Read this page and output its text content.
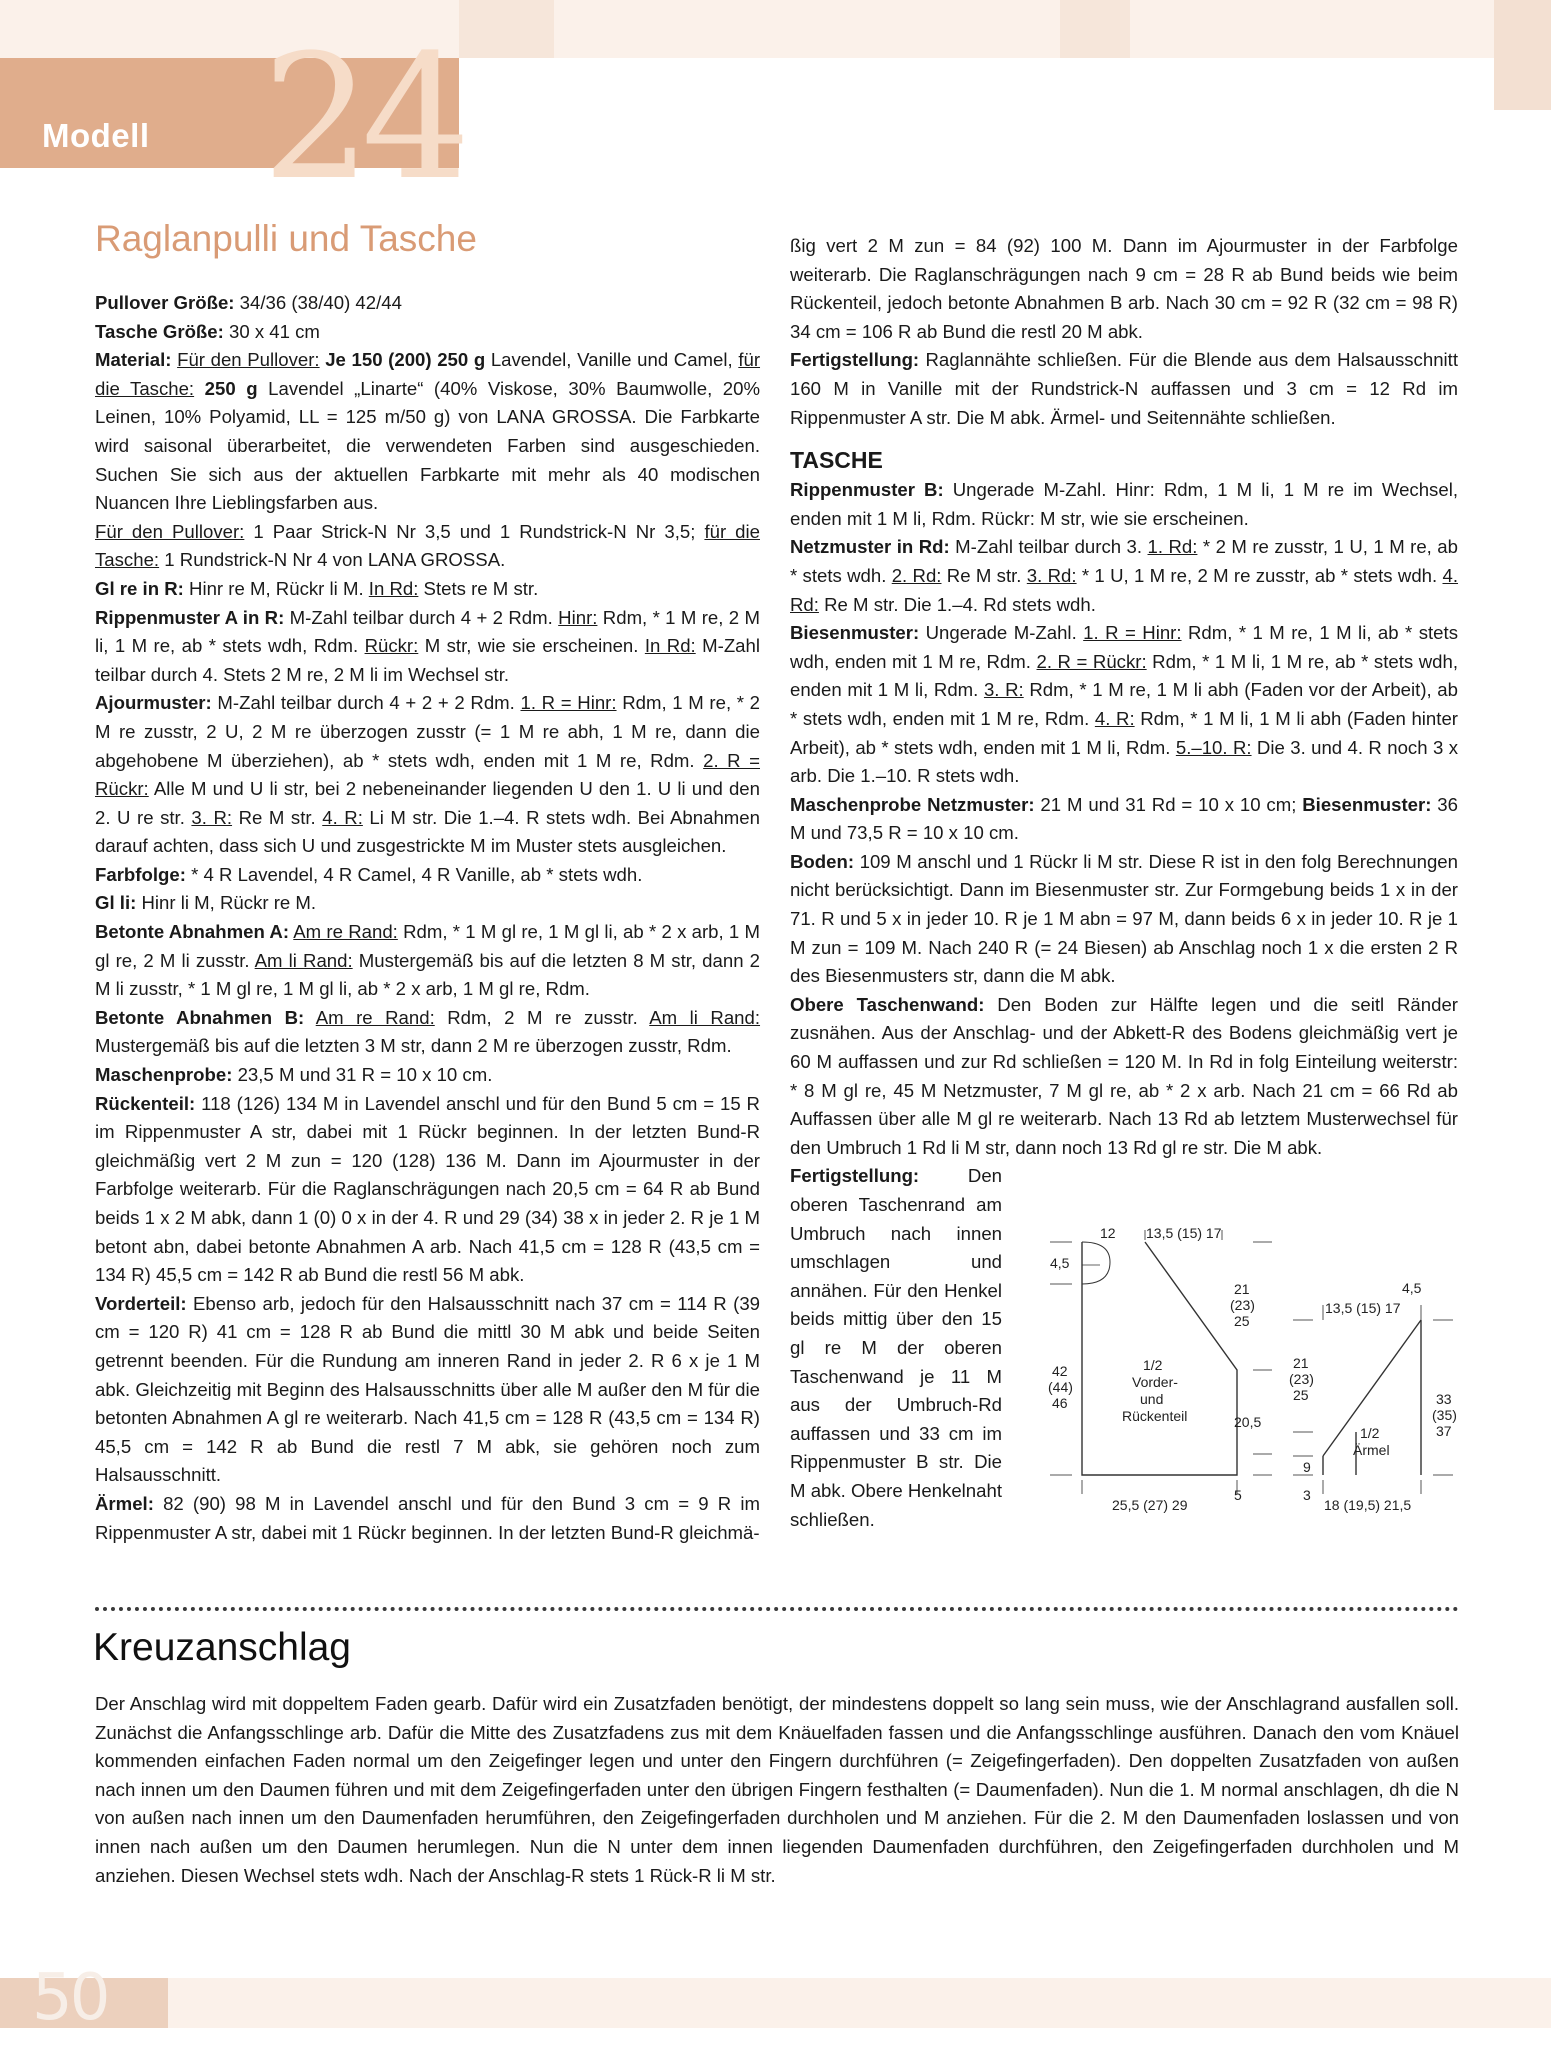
24
Modell
Raglanpulli und Tasche

Pullover Größe: 34/36 (38/40) 42/44

Tasche Größe: 30 x 41 cm

Material: Für den Pullover: Je 150 (200) 250 g Lavendel, Vanille und Camel, für die Tasche: 250 g Lavendel „Linarte“ (40% Viskose, 30% Baumwolle, 20% Leinen, 10% Polyamid, LL = 125 m/50 g) von LANA GROSSA. Die Farbkarte wird saisonal überarbeitet, die verwendeten Farben sind ausgeschieden. Suchen Sie sich aus der aktuellen Farbkarte mit mehr als 40 modischen Nuancen Ihre Lieblingsfarben aus.

Für den Pullover: 1 Paar Strick-N Nr 3,5 und 1 Rundstrick-N Nr 3,5; für die Tasche: 1 Rundstrick-N Nr 4 von LANA GROSSA.

Gl re in R: Hinr re M, Rückr li M. In Rd: Stets re M str.

Rippenmuster A in R: M-Zahl teilbar durch 4 + 2 Rdm. Hinr: Rdm, * 1 M re, 2 M li, 1 M re, ab * stets wdh, Rdm. Rückr: M str, wie sie erscheinen. In Rd: M-Zahl teilbar durch 4. Stets 2 M re, 2 M li im Wechsel str.

Ajourmuster: M-Zahl teilbar durch 4 + 2 + 2 Rdm. 1. R = Hinr: Rdm, 1 M re, * 2 M re zusstr, 2 U, 2 M re überzogen zusstr (= 1 M re abh, 1 M re, dann die abgehobene M überziehen), ab * stets wdh, enden mit 1 M re, Rdm. 2. R = Rückr: Alle M und U li str, bei 2 nebeneinander liegenden U den 1. U li und den 2. U re str. 3. R: Re M str. 4. R: Li M str. Die 1.–4. R stets wdh. Bei Abnahmen darauf achten, dass sich U und zusgestrickte M im Muster stets ausgleichen.

Farbfolge: * 4 R Lavendel, 4 R Camel, 4 R Vanille, ab * stets wdh.

Gl li: Hinr li M, Rückr re M.

Betonte Abnahmen A: Am re Rand: Rdm, * 1 M gl re, 1 M gl li, ab * 2 x arb, 1 M gl re, 2 M li zusstr. Am li Rand: Mustergemäß bis auf die letzten 8 M str, dann 2 M li zusstr, * 1 M gl re, 1 M gl li, ab * 2 x arb, 1 M gl re, Rdm.

Betonte Abnahmen B: Am re Rand: Rdm, 2 M re zusstr. Am li Rand: Mustergemäß bis auf die letzten 3 M str, dann 2 M re überzogen zusstr, Rdm.

Maschenprobe: 23,5 M und 31 R = 10 x 10 cm.

Rückenteil: 118 (126) 134 M in Lavendel anschl und für den Bund 5 cm = 15 R im Rippenmuster A str, dabei mit 1 Rückr beginnen. In der letzten Bund-R gleichmäßig vert 2 M zun = 120 (128) 136 M. Dann im Ajourmuster in der Farbfolge weiterarb. Für die Raglanschrägungen nach 20,5 cm = 64 R ab Bund beids 1 x 2 M abk, dann 1 (0) 0 x in der 4. R und 29 (34) 38 x in jeder 2. R je 1 M betont abn, dabei betonte Abnahmen A arb. Nach 41,5 cm = 128 R (43,5 cm = 134 R) 45,5 cm = 142 R ab Bund die restl 56 M abk.

Vorderteil: Ebenso arb, jedoch für den Halsausschnitt nach 37 cm = 114 R (39 cm = 120 R) 41 cm = 128 R ab Bund die mittl 30 M abk und beide Seiten getrennt beenden. Für die Rundung am inneren Rand in jeder 2. R 6 x je 1 M abk. Gleichzeitig mit Beginn des Halsausschnitts über alle M außer den M für die betonten Abnahmen A gl re weiterarb. Nach 41,5 cm = 128 R (43,5 cm = 134 R) 45,5 cm = 142 R ab Bund die restl 7 M abk, sie gehören noch zum Halsausschnitt.

Ärmel: 82 (90) 98 M in Lavendel anschl und für den Bund 3 cm = 9 R im Rippenmuster A str, dabei mit 1 Rückr beginnen. In der letzten Bund-R gleichmä-

ßig vert 2 M zun = 84 (92) 100 M. Dann im Ajourmuster in der Farbfolge weiterarb. Die Raglanschrägungen nach 9 cm = 28 R ab Bund beids wie beim Rückenteil, jedoch betonte Abnahmen B arb. Nach 30 cm = 92 R (32 cm = 98 R) 34 cm = 106 R ab Bund die restl 20 M abk.

Fertigstellung: Raglannähte schließen. Für die Blende aus dem Halsausschnitt 160 M in Vanille mit der Rundstrick-N auffassen und 3 cm = 12 Rd im Rippenmuster A str. Die M abk. Ärmel- und Seitennähte schließen.

TASCHE

Rippenmuster B: Ungerade M-Zahl. Hinr: Rdm, 1 M li, 1 M re im Wechsel, enden mit 1 M li, Rdm. Rückr: M str, wie sie erscheinen.

Netzmuster in Rd: M-Zahl teilbar durch 3. 1. Rd: * 2 M re zusstr, 1 U, 1 M re, ab * stets wdh. 2. Rd: Re M str. 3. Rd: * 1 U, 1 M re, 2 M re zusstr, ab * stets wdh. 4. Rd: Re M str. Die 1.–4. Rd stets wdh.

Biesenmuster: Ungerade M-Zahl. 1. R = Hinr: Rdm, * 1 M re, 1 M li, ab * stets wdh, enden mit 1 M re, Rdm. 2. R = Rückr: Rdm, * 1 M li, 1 M re, ab * stets wdh, enden mit 1 M li, Rdm. 3. R: Rdm, * 1 M re, 1 M li abh (Faden vor der Arbeit), ab * stets wdh, enden mit 1 M re, Rdm. 4. R: Rdm, * 1 M li, 1 M li abh (Faden hinter Arbeit), ab * stets wdh, enden mit 1 M li, Rdm. 5.–10. R: Die 3. und 4. R noch 3 x arb. Die 1.–10. R stets wdh.

Maschenprobe Netzmuster: 21 M und 31 Rd = 10 x 10 cm; Biesenmuster: 36 M und 73,5 R = 10 x 10 cm.

Boden: 109 M anschl und 1 Rückr li M str. Diese R ist in den folg Berechnungen nicht berücksichtigt. Dann im Biesenmuster str. Zur Formgebung beids 1 x in der 71. R und 5 x in jeder 10. R je 1 M abn = 97 M, dann beids 6 x in jeder 10. R je 1 M zun = 109 M. Nach 240 R (= 24 Biesen) ab Anschlag noch 1 x die ersten 2 R des Biesenmusters str, dann die M abk.

Obere Taschenwand: Den Boden zur Hälfte legen und die seitl Ränder zusnähen. Aus der Anschlag- und der Abkett-R des Bodens gleichmäßig vert je 60 M auffassen und zur Rd schließen = 120 M. In Rd in folg Einteilung weiterstr: * 8 M gl re, 45 M Netzmuster, 7 M gl re, ab * 2 x arb. Nach 21 cm = 66 Rd ab Auffassen über alle M gl re weiterarb. Nach 13 Rd ab letztem Musterwechsel für den Umbruch 1 Rd li M str, dann noch 13 Rd gl re str. Die M abk.

Fertigstellung: Den oberen Taschenrand am Umbruch nach innen umschlagen und annähen. Für den Henkel beids mittig über den 15 gl re M der oberen Taschenwand je 11 M aus der Umbruch-Rd auffassen und 33 cm im Rippenmuster B str. Die M abk. Obere Henkelnaht schließen.

12 13,5 (15) 17
4,5
21
(23)
25
42
(44)
46
1/2
Vorder-
und
Rückenteil	20,5
5
25,5 (27) 29
13,5 (15) 17
4,5
21
(23)
25	33
(35)
37
1/2
Ärmel
9
3
18 (19,5) 21,5
Kreuzanschlag
Der Anschlag wird mit doppeltem Faden gearb. Dafür wird ein Zusatzfaden benötigt, der mindestens doppelt so lang sein muss, wie der Anschlagrand ausfallen soll. Zunächst die Anfangsschlinge arb. Dafür die Mitte des Zusatzfadens zus mit dem Knäuelfaden fassen und die Anfangsschlinge ausführen. Danach den vom Knäuel kommenden einfachen Faden normal um den Zeigefinger legen und unter den Fingern durchführen (= Zeigefingerfaden). Den doppelten Zusatzfaden von außen nach innen um den Daumen führen und mit dem Zeigefingerfaden unter den übrigen Fingern festhalten (= Daumenfaden). Nun die 1. M normal anschlagen, dh die N von außen nach innen um den Daumenfaden herumführen, den Zeigefingerfaden durchholen und M anziehen. Für die 2. M den Daumenfaden loslassen und von innen nach außen um den Daumen herumlegen. Nun die N unter dem innen liegenden Daumenfaden durchführen, den Zeigefingerfaden durchholen und M anziehen. Diesen Wechsel stets wdh. Nach der Anschlag-R stets 1 Rück-R li M str.
50
